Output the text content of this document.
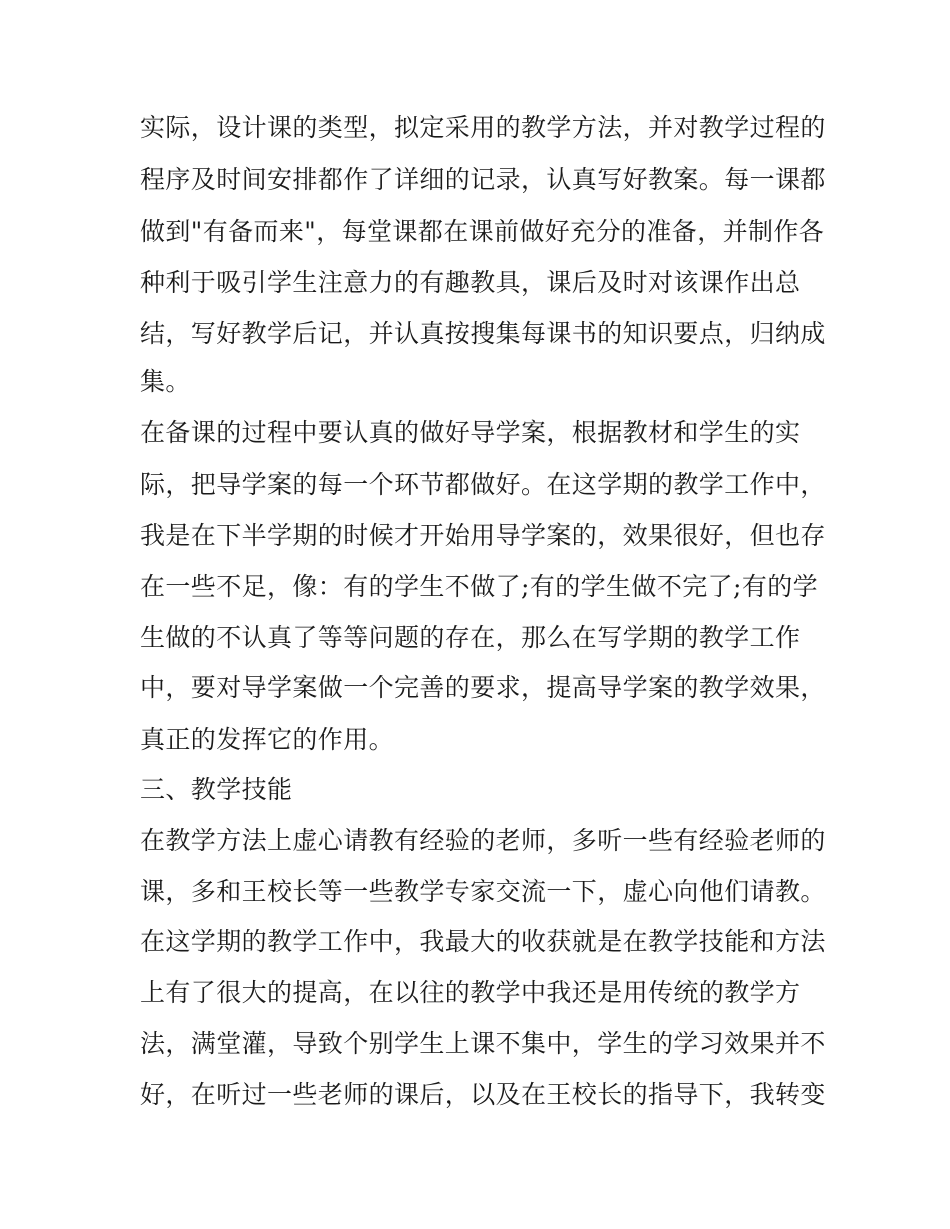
实际，设计课的类型，拟定采用的教学方法，并对教学过程的
程序及时间安排都作了详细的记录，认真写好教案。每一课都
做到"有备而来"，每堂课都在课前做好充分的准备，并制作各
种利于吸引学生注意力的有趣教具，课后及时对该课作出总
结，写好教学后记，并认真按搜集每课书的知识要点，归纳成
集。
在备课的过程中要认真的做好导学案，根据教材和学生的实
际，把导学案的每一个环节都做好。在这学期的教学工作中，
我是在下半学期的时候才开始用导学案的，效果很好，但也存
在一些不足，像：有的学生不做了;有的学生做不完了;有的学
生做的不认真了等等问题的存在，那么在写学期的教学工作
中，要对导学案做一个完善的要求，提高导学案的教学效果，
真正的发挥它的作用。
三、教学技能
在教学方法上虚心请教有经验的老师，多听一些有经验老师的
课，多和王校长等一些教学专家交流一下，虚心向他们请教。
在这学期的教学工作中，我最大的收获就是在教学技能和方法
上有了很大的提高，在以往的教学中我还是用传统的教学方
法，满堂灌，导致个别学生上课不集中，学生的学习效果并不
好，在听过一些老师的课后，以及在王校长的指导下，我转变
